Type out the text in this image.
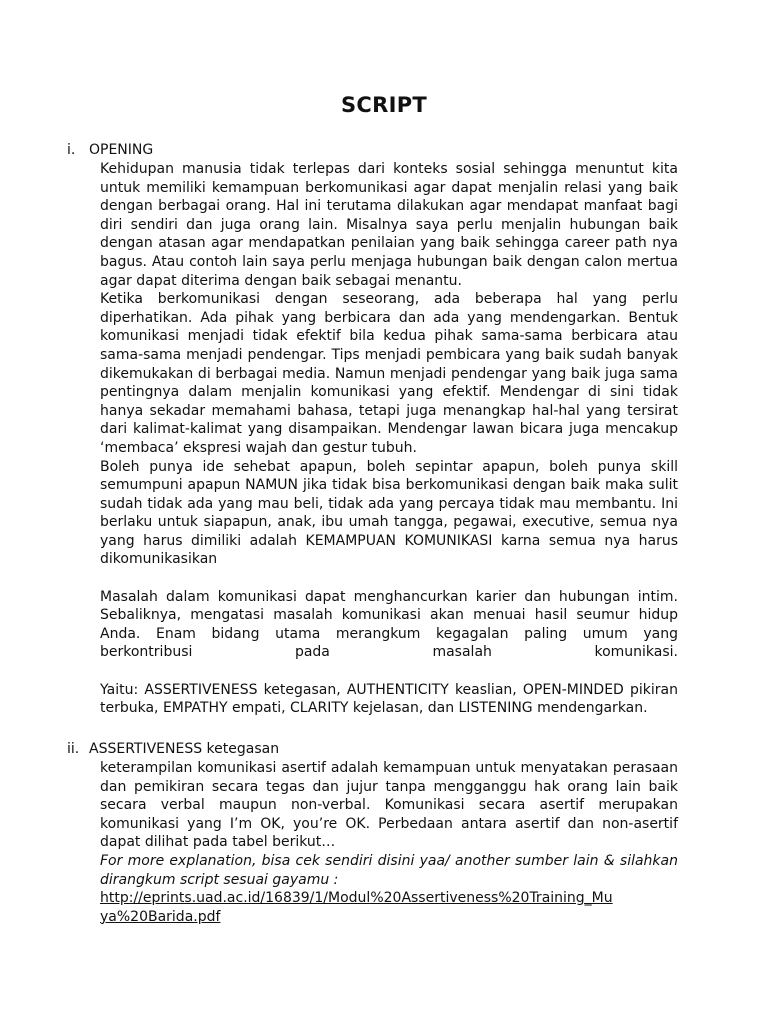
SCRIPT
i. OPENING

Kehidupan manusia tidak terlepas dari konteks sosial sehingga menuntut kita untuk memiliki kemampuan berkomunikasi agar dapat menjalin relasi yang baik dengan berbagai orang. Hal ini terutama dilakukan agar mendapat manfaat bagi diri sendiri dan juga orang lain. Misalnya saya perlu menjalin hubungan baik dengan atasan agar mendapatkan penilaian yang baik sehingga career path nya bagus. Atau contoh lain saya perlu menjaga hubungan baik dengan calon mertua agar dapat diterima dengan baik sebagai menantu.

Ketika berkomunikasi dengan seseorang, ada beberapa hal yang perlu diperhatikan. Ada pihak yang berbicara dan ada yang mendengarkan. Bentuk komunikasi menjadi tidak efektif bila kedua pihak sama-sama berbicara atau sama-sama menjadi pendengar. Tips menjadi pembicara yang baik sudah banyak dikemukakan di berbagai media. Namun menjadi pendengar yang baik juga sama pentingnya dalam menjalin komunikasi yang efektif. Mendengar di sini tidak hanya sekadar memahami bahasa, tetapi juga menangkap hal-hal yang tersirat dari kalimat-kalimat yang disampaikan. Mendengar lawan bicara juga mencakup ‘membaca’ ekspresi wajah dan gestur tubuh.

Boleh punya ide sehebat apapun, boleh sepintar apapun, boleh punya skill semumpuni apapun NAMUN jika tidak bisa berkomunikasi dengan baik maka sulit sudah tidak ada yang mau beli, tidak ada yang percaya tidak mau membantu. Ini berlaku untuk siapapun, anak, ibu umah tangga, pegawai, executive, semua nya yang harus dimiliki adalah KEMAMPUAN KOMUNIKASI karna semua nya harus dikomunikasikan

Masalah dalam komunikasi dapat menghancurkan karier dan hubungan intim. Sebaliknya, mengatasi masalah komunikasi akan menuai hasil seumur hidup Anda. Enam bidang utama merangkum kegagalan paling umum yang berkontribusi pada masalah komunikasi.

Yaitu: ASSERTIVENESS ketegasan, AUTHENTICITY keaslian, OPEN-MINDED pikiran terbuka, EMPATHY empati, CLARITY kejelasan, dan LISTENING mendengarkan.

ii. ASSERTIVENESS ketegasan

keterampilan komunikasi asertif adalah kemampuan untuk menyatakan perasaan dan pemikiran secara tegas dan jujur tanpa mengganggu hak orang lain baik secara verbal maupun non-verbal. Komunikasi secara asertif merupakan komunikasi yang I’m OK, you’re OK. Perbedaan antara asertif dan non-asertif dapat dilihat pada tabel berikut…

For more explanation, bisa cek sendiri disini yaa/ another sumber lain & silahkan dirangkum script sesuai gayamu :

http://eprints.uad.ac.id/16839/1/Modul%20Assertiveness%20Training_Muya%20Barida.pdf
